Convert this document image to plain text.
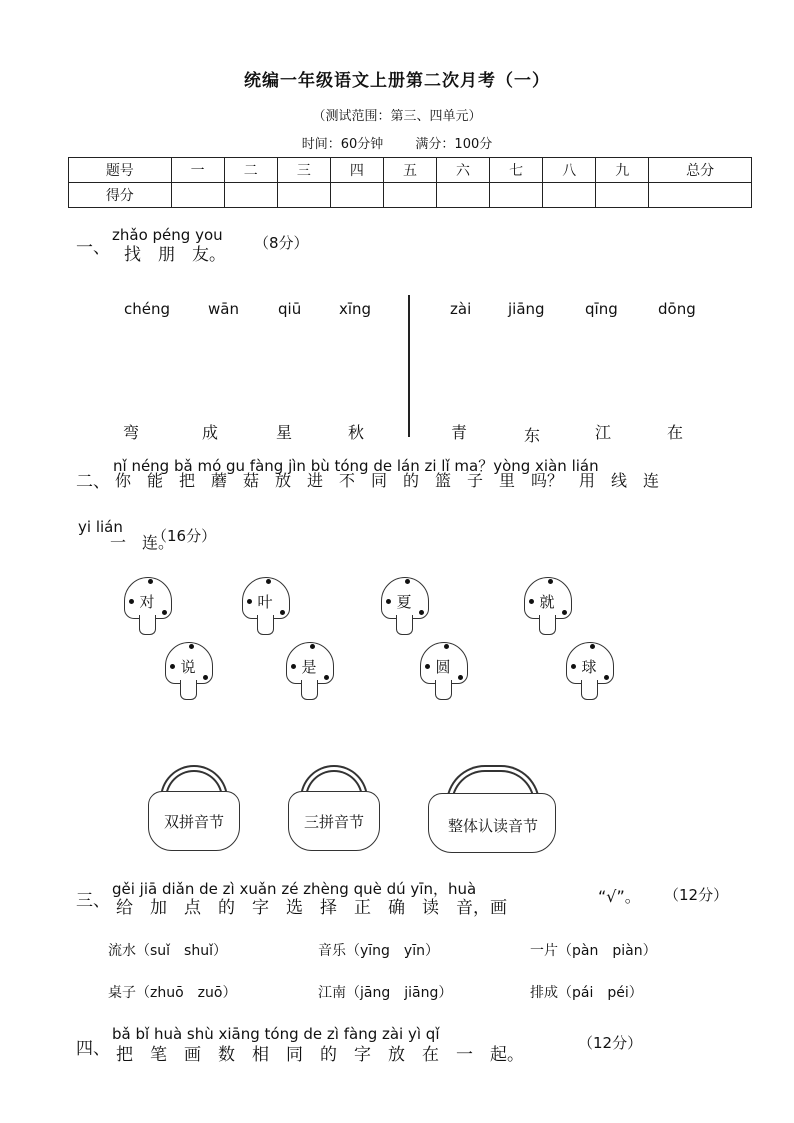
统编一年级语文上册第二次月考（一）
（测试范围：第三、四单元）
时间：60分钟 满分：100分
题号	一	二	三	四	五	六	七	八	九	总分
得分										
一、
zhǎo péng you
找　朋　友。
（8分）
chéng	wān	qiū	xīng	zài jiāng	qīng	dōng
弯	成	星	秋	青	东	江	在
二、
nǐ néng bǎ mó gu fàng jìn bù tóng de lán zi lǐ ma？yòng xiàn lián
你　能　把　蘑　菇　放　进　不　同　的　篮　子　里　吗？　用　线　连
yi lián
一　连。
（16分）
对	叶	夏	就
说	是	圆	球
双拼音节	三拼音节	整体认读音节
三、
gěi jiā diǎn de zì xuǎn zé zhèng què dú yīn，huà
给　加　点　的　字　选　择　正　确　读　音，画
“√”。 （12分）
流水（suǐ　shuǐ）	音乐（yīng　yīn）	一片（pàn　piàn）
桌子（zhuō　zuō）	江南（jāng　jiāng）	排成（pái　péi）
四、
bǎ bǐ huà shù xiāng tóng de zì fàng zài yì qǐ
把　笔　画　数　相　同　的　字　放　在　一　起。
（12分）
